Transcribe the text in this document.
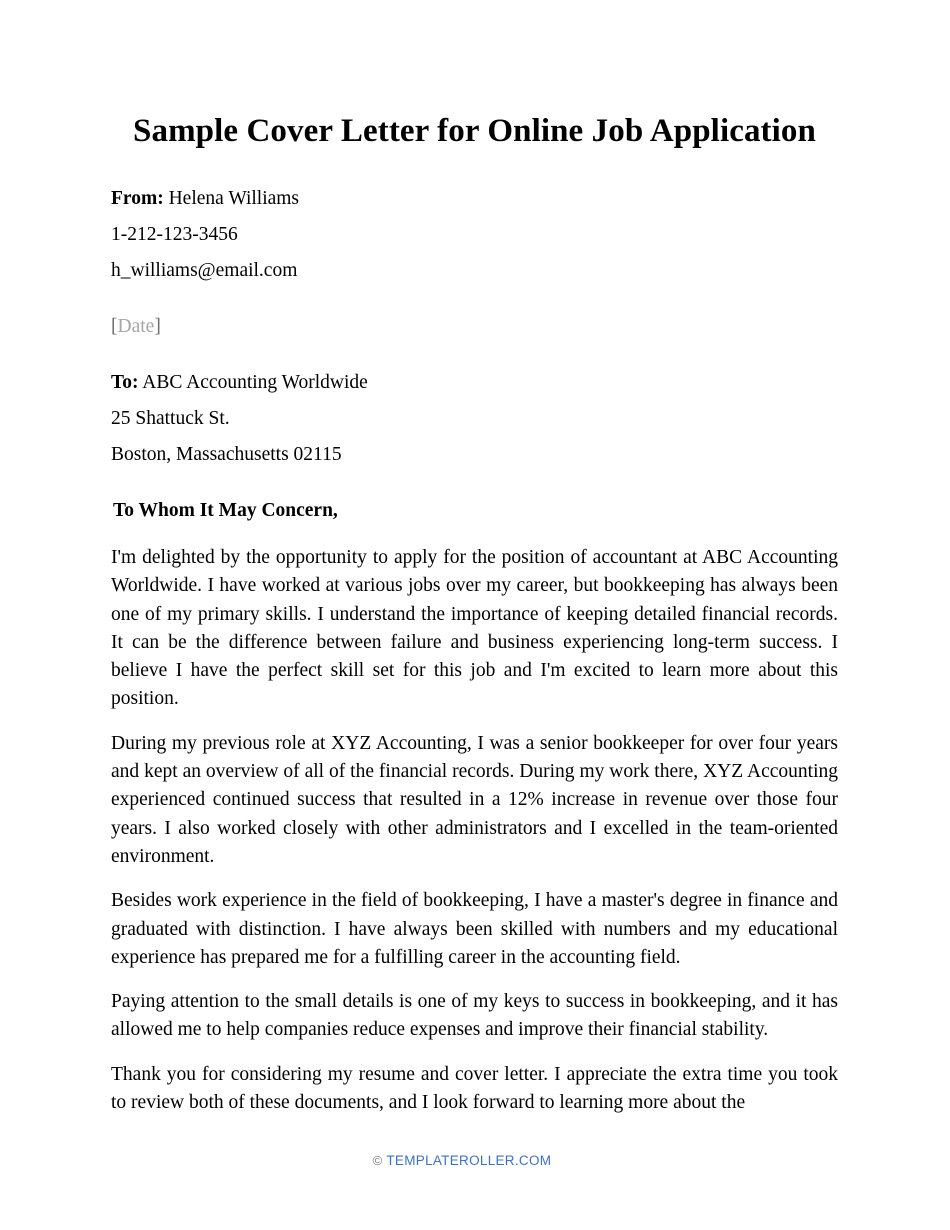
Sample Cover Letter for Online Job Application

From: Helena Williams

1-212-123-3456

h_williams@email.com

[Date]

To: ABC Accounting Worldwide

25 Shattuck St.

Boston, Massachusetts 02115

To Whom It May Concern,

I'm delighted by the opportunity to apply for the position of accountant at ABC Accounting Worldwide. I have worked at various jobs over my career, but bookkeeping has always been one of my primary skills. I understand the importance of keeping detailed financial records. It can be the difference between failure and business experiencing long-term success. I believe I have the perfect skill set for this job and I'm excited to learn more about this position.

During my previous role at XYZ Accounting, I was a senior bookkeeper for over four years and kept an overview of all of the financial records. During my work there, XYZ Accounting experienced continued success that resulted in a 12% increase in revenue over those four years. I also worked closely with other administrators and I excelled in the team-oriented environment.

Besides work experience in the field of bookkeeping, I have a master's degree in finance and graduated with distinction. I have always been skilled with numbers and my educational experience has prepared me for a fulfilling career in the accounting field.

Paying attention to the small details is one of my keys to success in bookkeeping, and it has allowed me to help companies reduce expenses and improve their financial stability.

Thank you for considering my resume and cover letter. I appreciate the extra time you took to review both of these documents, and I look forward to learning more about the

© TEMPLATEROLLER.COM
